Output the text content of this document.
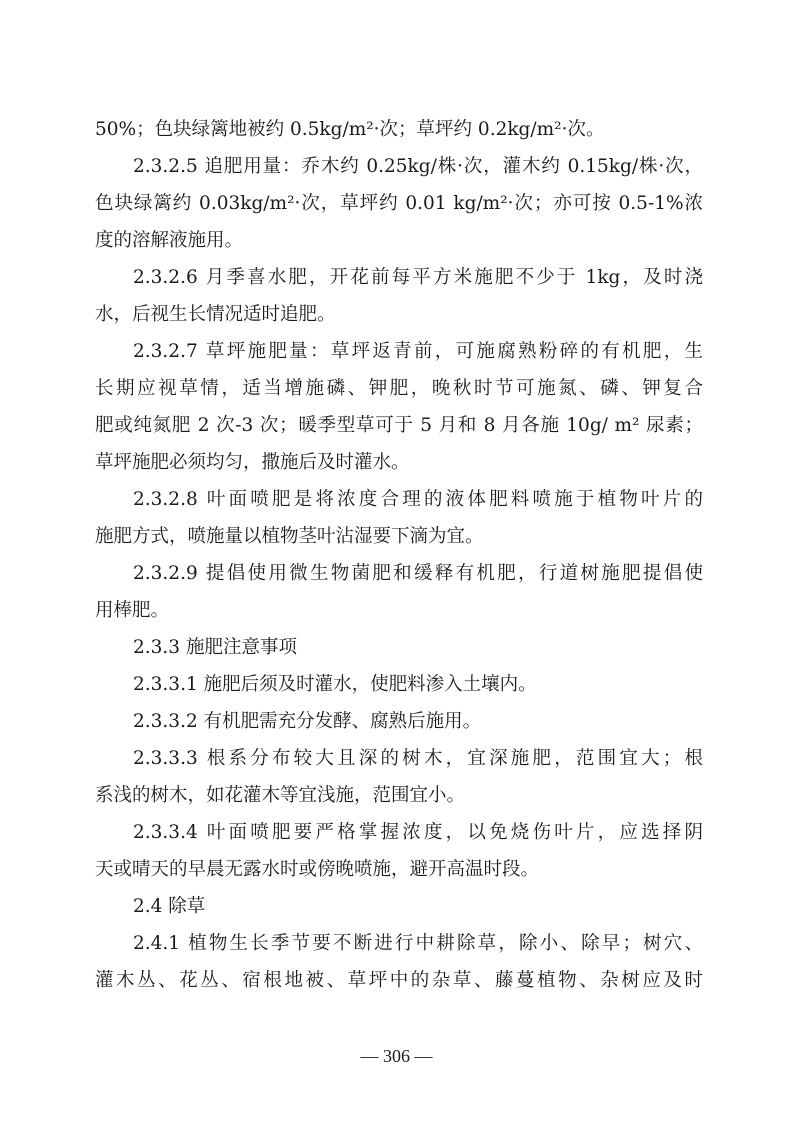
50%；色块绿篱地被约 0.5kg/m²·次；草坪约 0.2kg/m²·次。
2.3.2.5 追肥用量：乔木约 0.25kg/株·次，灌木约 0.15kg/株·次，
色块绿篱约 0.03kg/m²·次，草坪约 0.01 kg/m²·次；亦可按 0.5-1%浓
度的溶解液施用。
2.3.2.6 月季喜水肥，开花前每平方米施肥不少于 1kg，及时浇
水，后视生长情况适时追肥。
2.3.2.7 草坪施肥量：草坪返青前，可施腐熟粉碎的有机肥，生
长期应视草情，适当增施磷、钾肥，晚秋时节可施氮、磷、钾复合
肥或纯氮肥 2 次-3 次；暖季型草可于 5 月和 8 月各施 10g/ m² 尿素；
草坪施肥必须均匀，撒施后及时灌水。
2.3.2.8 叶面喷肥是将浓度合理的液体肥料喷施于植物叶片的
施肥方式，喷施量以植物茎叶沾湿要下滴为宜。
2.3.2.9 提倡使用微生物菌肥和缓释有机肥，行道树施肥提倡使
用棒肥。
2.3.3 施肥注意事项
2.3.3.1 施肥后须及时灌水，使肥料渗入土壤内。
2.3.3.2 有机肥需充分发酵、腐熟后施用。
2.3.3.3 根系分布较大且深的树木，宜深施肥，范围宜大；根
系浅的树木，如花灌木等宜浅施，范围宜小。
2.3.3.4 叶面喷肥要严格掌握浓度，以免烧伤叶片，应选择阴
天或晴天的早晨无露水时或傍晚喷施，避开高温时段。
2.4 除草
2.4.1 植物生长季节要不断进行中耕除草，除小、除早；树穴、
灌木丛、花丛、宿根地被、草坪中的杂草、藤蔓植物、杂树应及时
— 306 —
